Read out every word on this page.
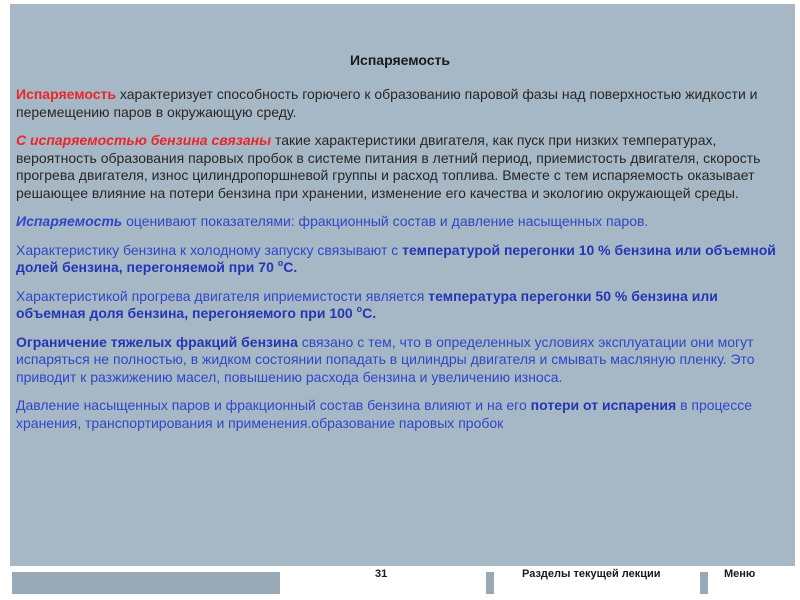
Испаряемость

Испаряемость характеризует способность горючего к образованию паровой фазы над поверхностью жидкости и перемещению паров в окружающую среду.

С испаряемостью бензина связаны такие характеристики двигателя, как пуск при низких температурах, вероятность образования паровых пробок в системе питания в летний период, приемистость двигателя, скорость прогрева двигателя, износ цилиндропоршневой группы и расход топлива. Вместе с тем испаряемость оказывает решающее влияние на потери бензина при хранении, изменение его качества и экологию окружающей среды.

Испаряемость оценивают показателями: фракционный состав и давление насыщенных паров.

Характеристику бензина к холодному запуску связывают с температурой перегонки 10 % бензина или объемной долей бензина, перегоняемой при 70 $^о$С.

Характеристикой прогрева двигателя иприемистости является температура перегонки 50 % бензина или объемная доля бензина, перегоняемого при 100 $^о$С.

Ограничение тяжелых фракций бензина связано с тем, что в определенных условиях эксплуатации они могут испаряться не полностью, в жидком состоянии попадать в цилиндры двигателя и смывать масляную пленку. Это приводит к разжижению масел, повышению расхода бензина и увеличению износа.

Давление насыщенных паров и фракционный состав бензина влияют и на его потери от испарения в процессе хранения, транспортирования и применения.образование паровых пробок

31	Разделы текущей лекции	Меню
